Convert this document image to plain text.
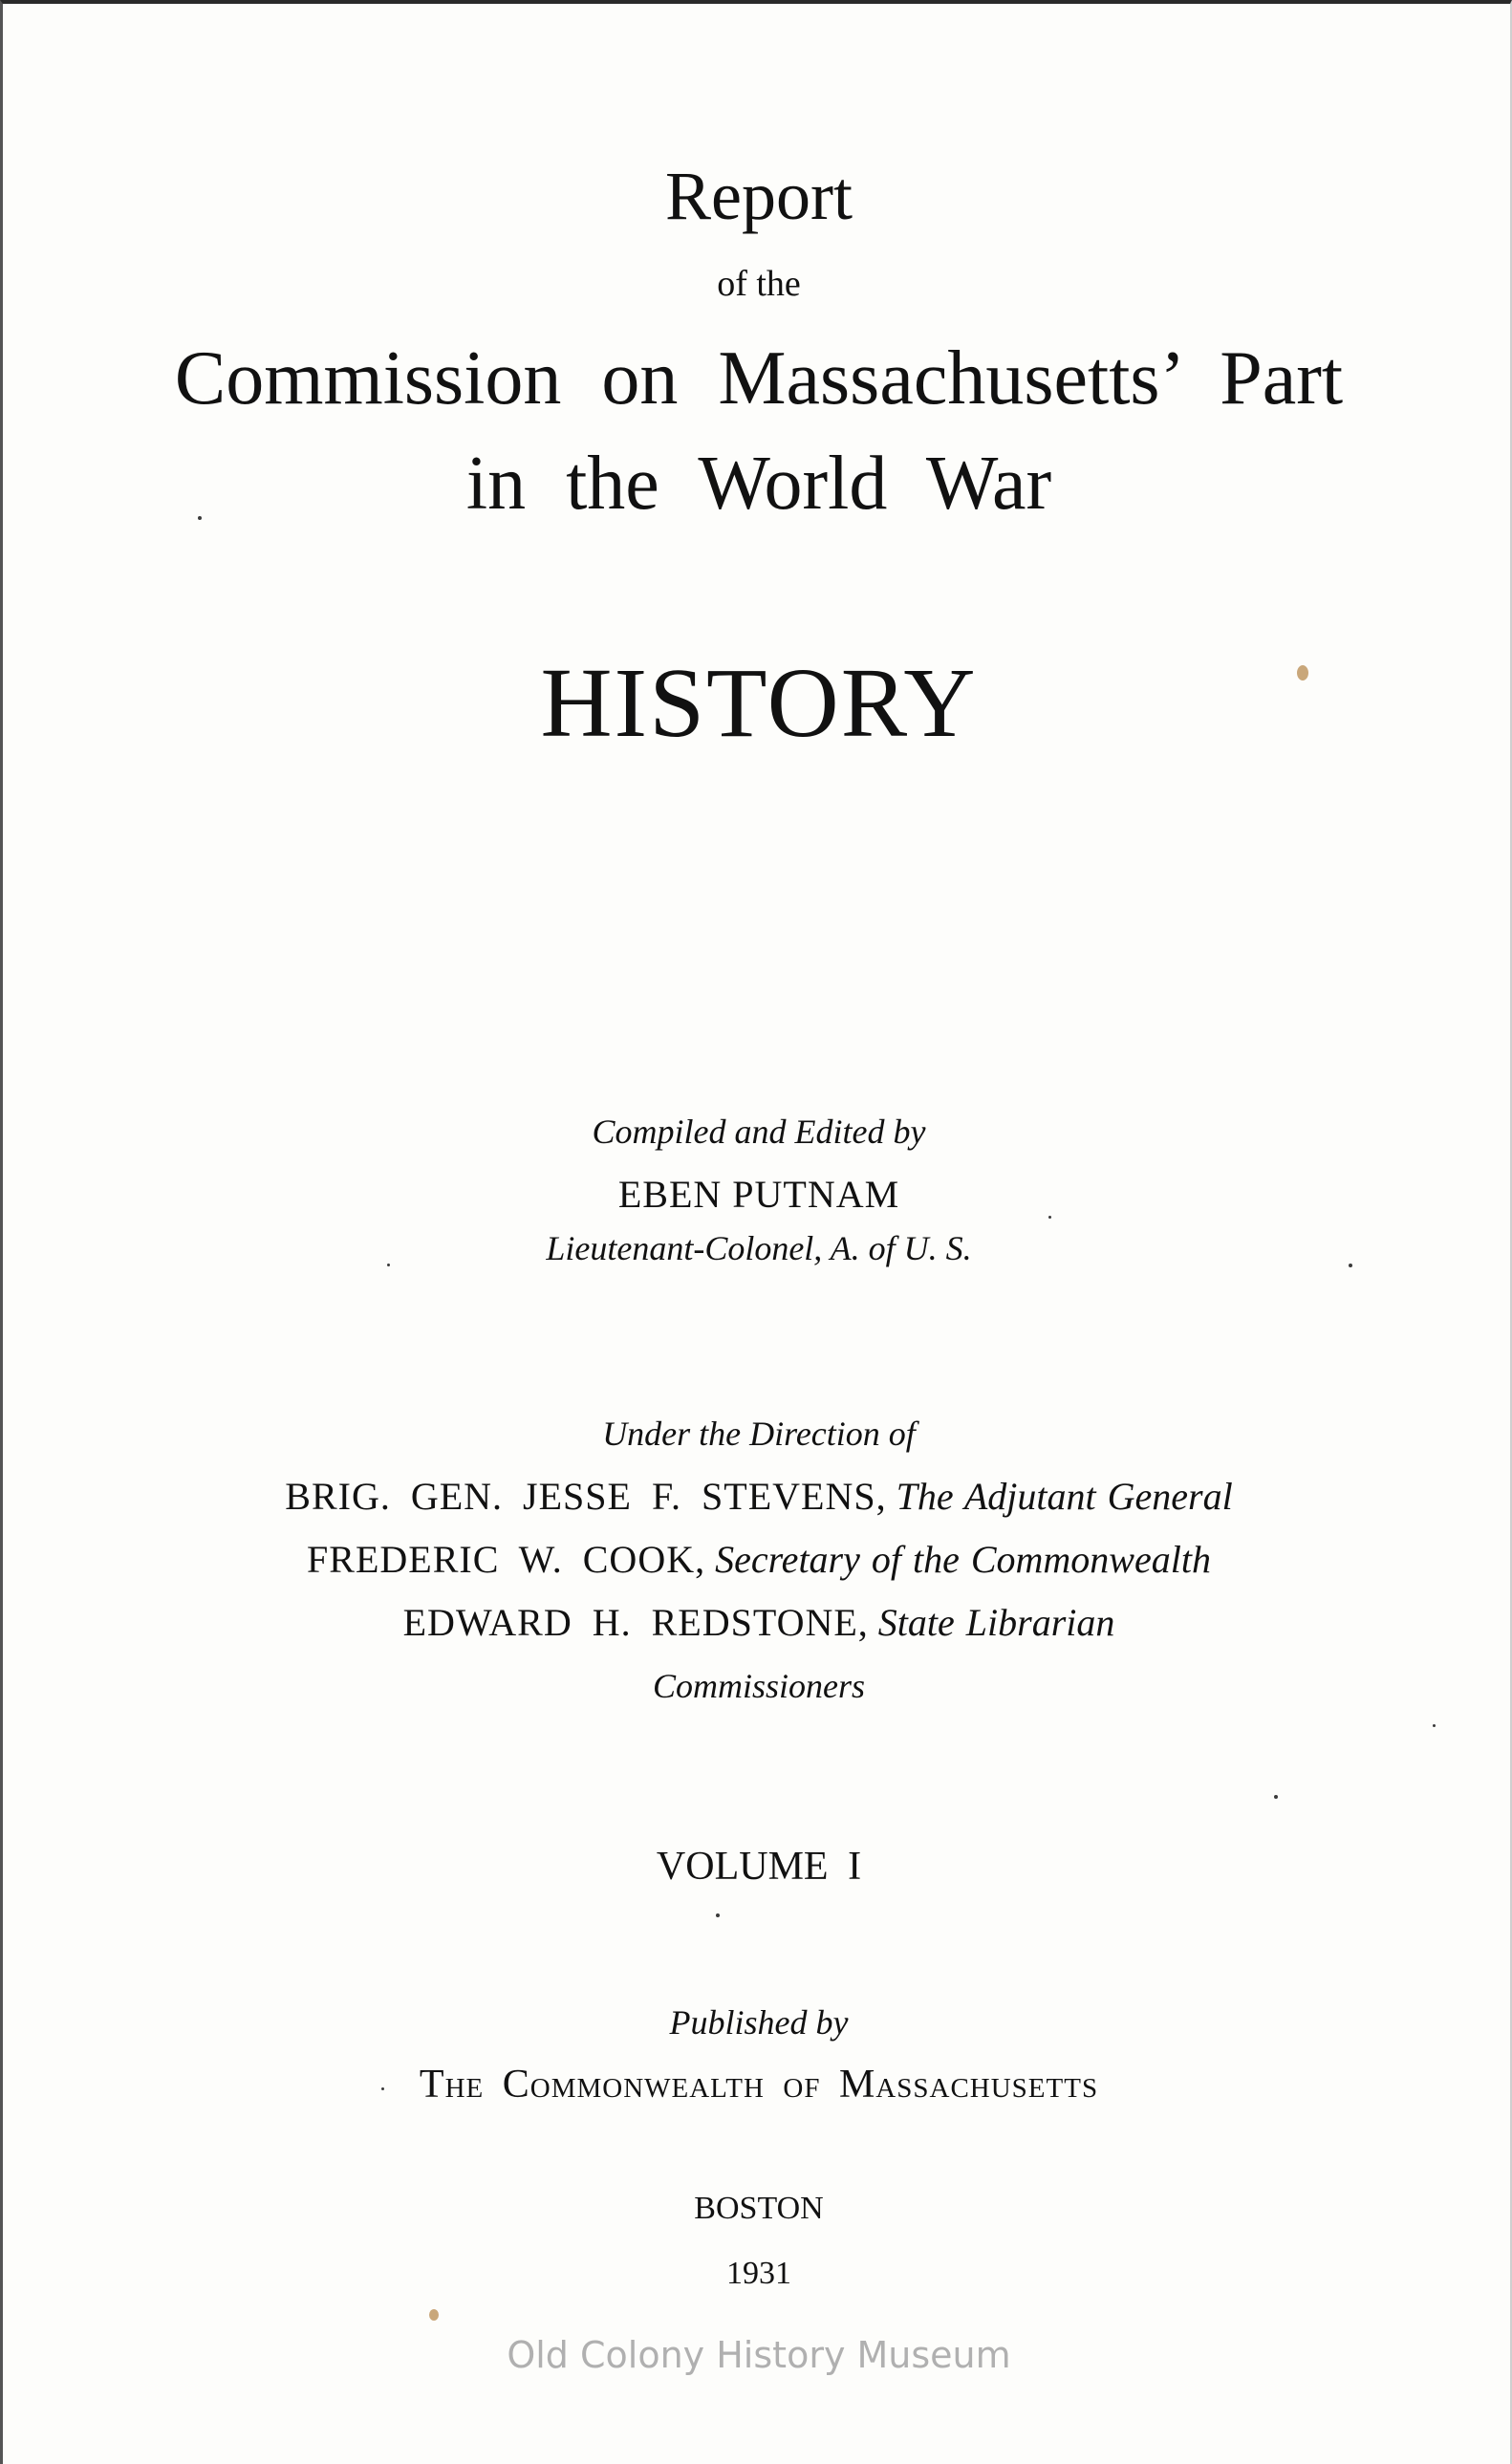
Report
of the
Commission on Massachusetts’ Part
in the World War
HISTORY
Compiled and Edited by
EBEN PUTNAM
Lieutenant-Colonel, A. of U. S.
Under the Direction of
BRIG. GEN. JESSE F. STEVENS, The Adjutant General
FREDERIC W. COOK, Secretary of the Commonwealth
EDWARD H. REDSTONE, State Librarian
Commissioners
VOLUME I
Published by
The Commonwealth of Massachusetts
BOSTON
1931
Old Colony History Museum
